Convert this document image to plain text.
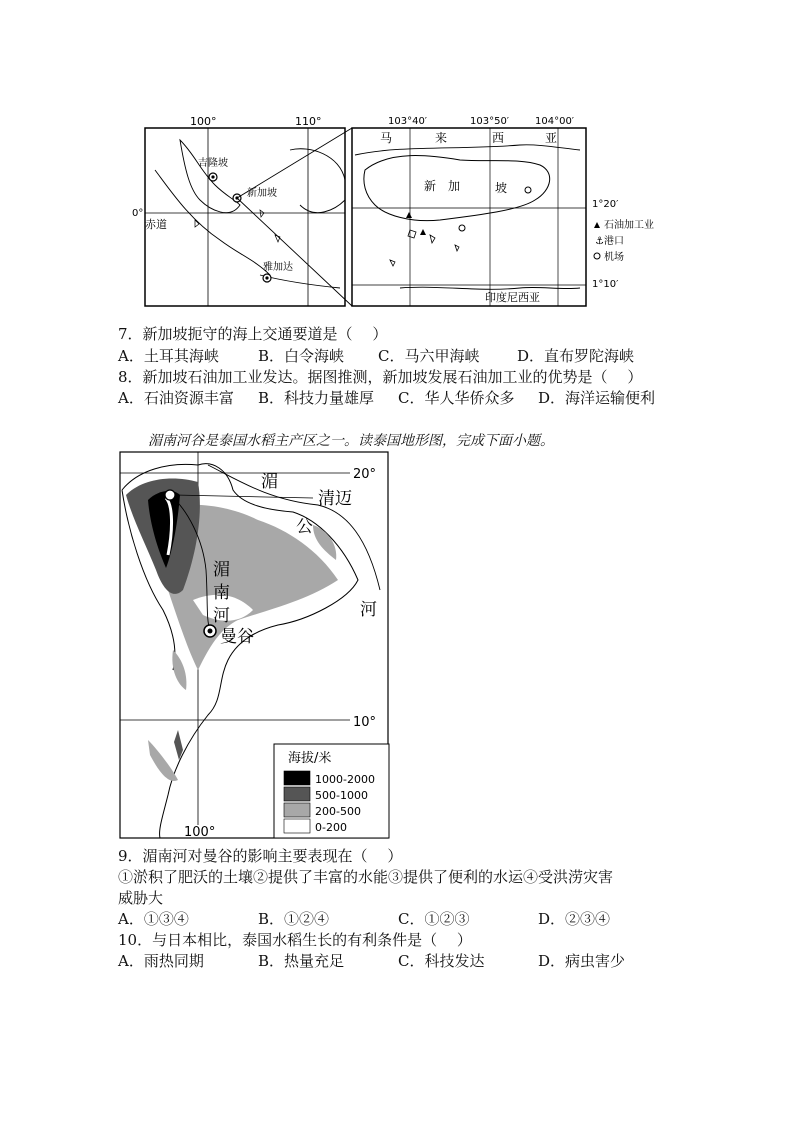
100°	110°
0°
赤道
吉隆坡
新加坡
雅加达
103°40′	103°50′	104°00′
1°20′
1°10′
马	来	西	亚
新 加	坡
印度尼西亚
石油加工业
⚓ 港口
机场
7．新加坡扼守的海上交通要道是（　 ）
A．土耳其海峡	B．白令海峡 C．马六甲海峡	D．直布罗陀海峡
8．新加坡石油加工业发达。据图推测，新加坡发展石油加工业的优势是（　 ）
A．石油资源丰富 B．科技力量雄厚 C．华人华侨众多 D．海洋运输便利
湄南河谷是泰国水稻主产区之一。读泰国地形图，完成下面小题。
20°
10°
100°
湄
南
河
湄
公
河
清迈
曼谷
海拔/米
1000-2000
500-1000
200-500
0-200
9．湄南河对曼谷的影响主要表现在（　 ）
①淤积了肥沃的土壤②提供了丰富的水能③提供了便利的水运④受洪涝灾害
威胁大
A．①③④	B．①②④	C．①②③	D．②③④
10．与日本相比，泰国水稻生长的有利条件是（　 ）
A．雨热同期	B．热量充足	C．科技发达	D．病虫害少
